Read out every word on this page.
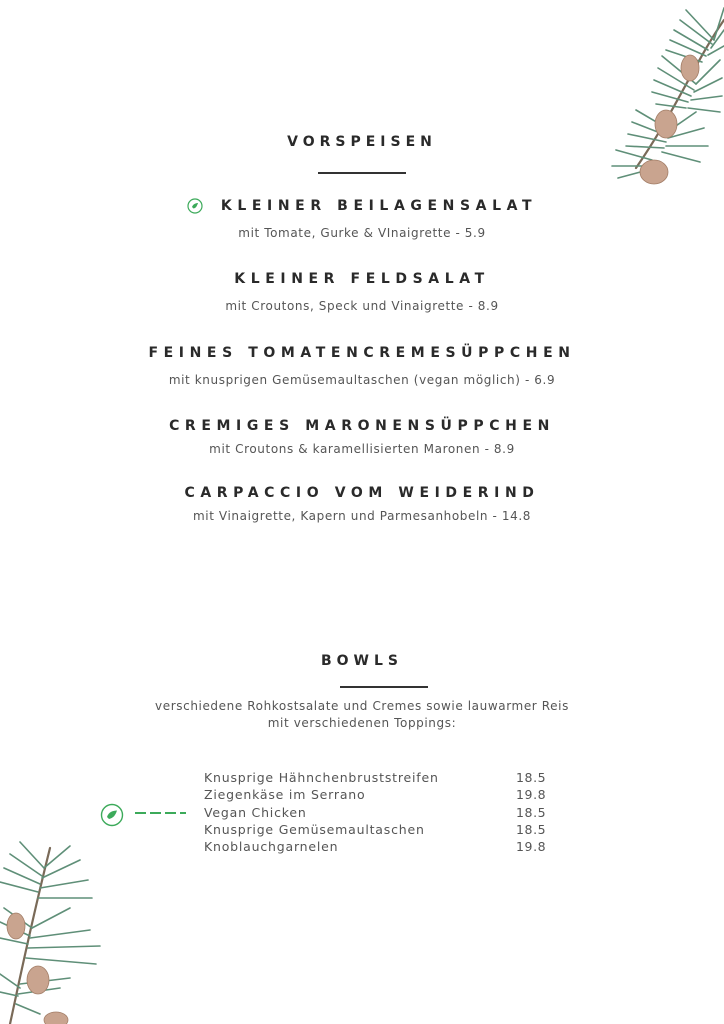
VORSPEISEN
KLEINER BEILAGENSALAT
mit Tomate, Gurke & VInaigrette - 5.9
KLEINER FELDSALAT
mit Croutons, Speck und Vinaigrette - 8.9
FEINES TOMATENCREMESÜPPCHEN
mit knusprigen Gemüsemaultaschen (vegan möglich) - 6.9
CREMIGES MARONENSÜPPCHEN
mit Croutons & karamellisierten Maronen - 8.9
CARPACCIO VOM WEIDERIND
mit Vinaigrette, Kapern und Parmesanhobeln - 14.8
BOWLS
verschiedene Rohkostsalate und Cremes sowie lauwarmer Reis
mit verschiedenen Toppings:
Knusprige Hähnchenbruststreifen	18.5
Ziegenkäse im Serrano	19.8
Vegan Chicken	18.5
Knusprige Gemüsemaultaschen	18.5
Knoblauchgarnelen	19.8
